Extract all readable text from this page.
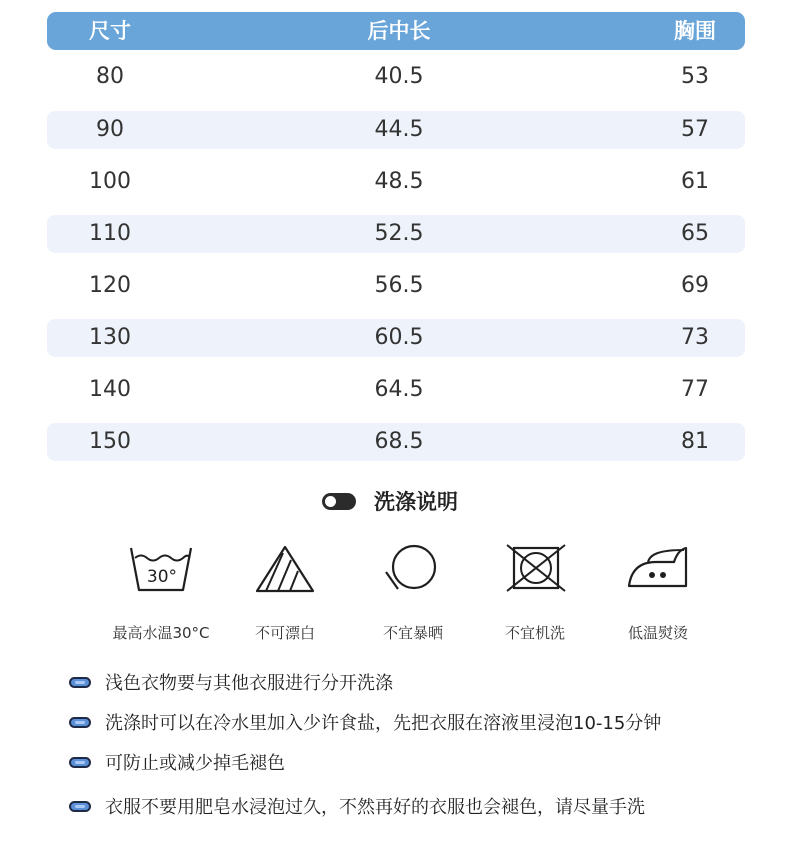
尺寸	后中长	胸围
80	40.5	53
90	44.5	57
100	48.5	61
110	52.5	65
120	56.5	69
130	60.5	73
140	64.5	77
150	68.5	81
洗涤说明
30°
最高水温30°C	不可漂白	不宜暴晒	不宜机洗	低温熨烫
浅色衣物要与其他衣服进行分开洗涤
洗涤时可以在冷水里加入少许食盐，先把衣服在溶液里浸泡10-15分钟
可防止或减少掉毛褪色
衣服不要用肥皂水浸泡过久，不然再好的衣服也会褪色，请尽量手洗
